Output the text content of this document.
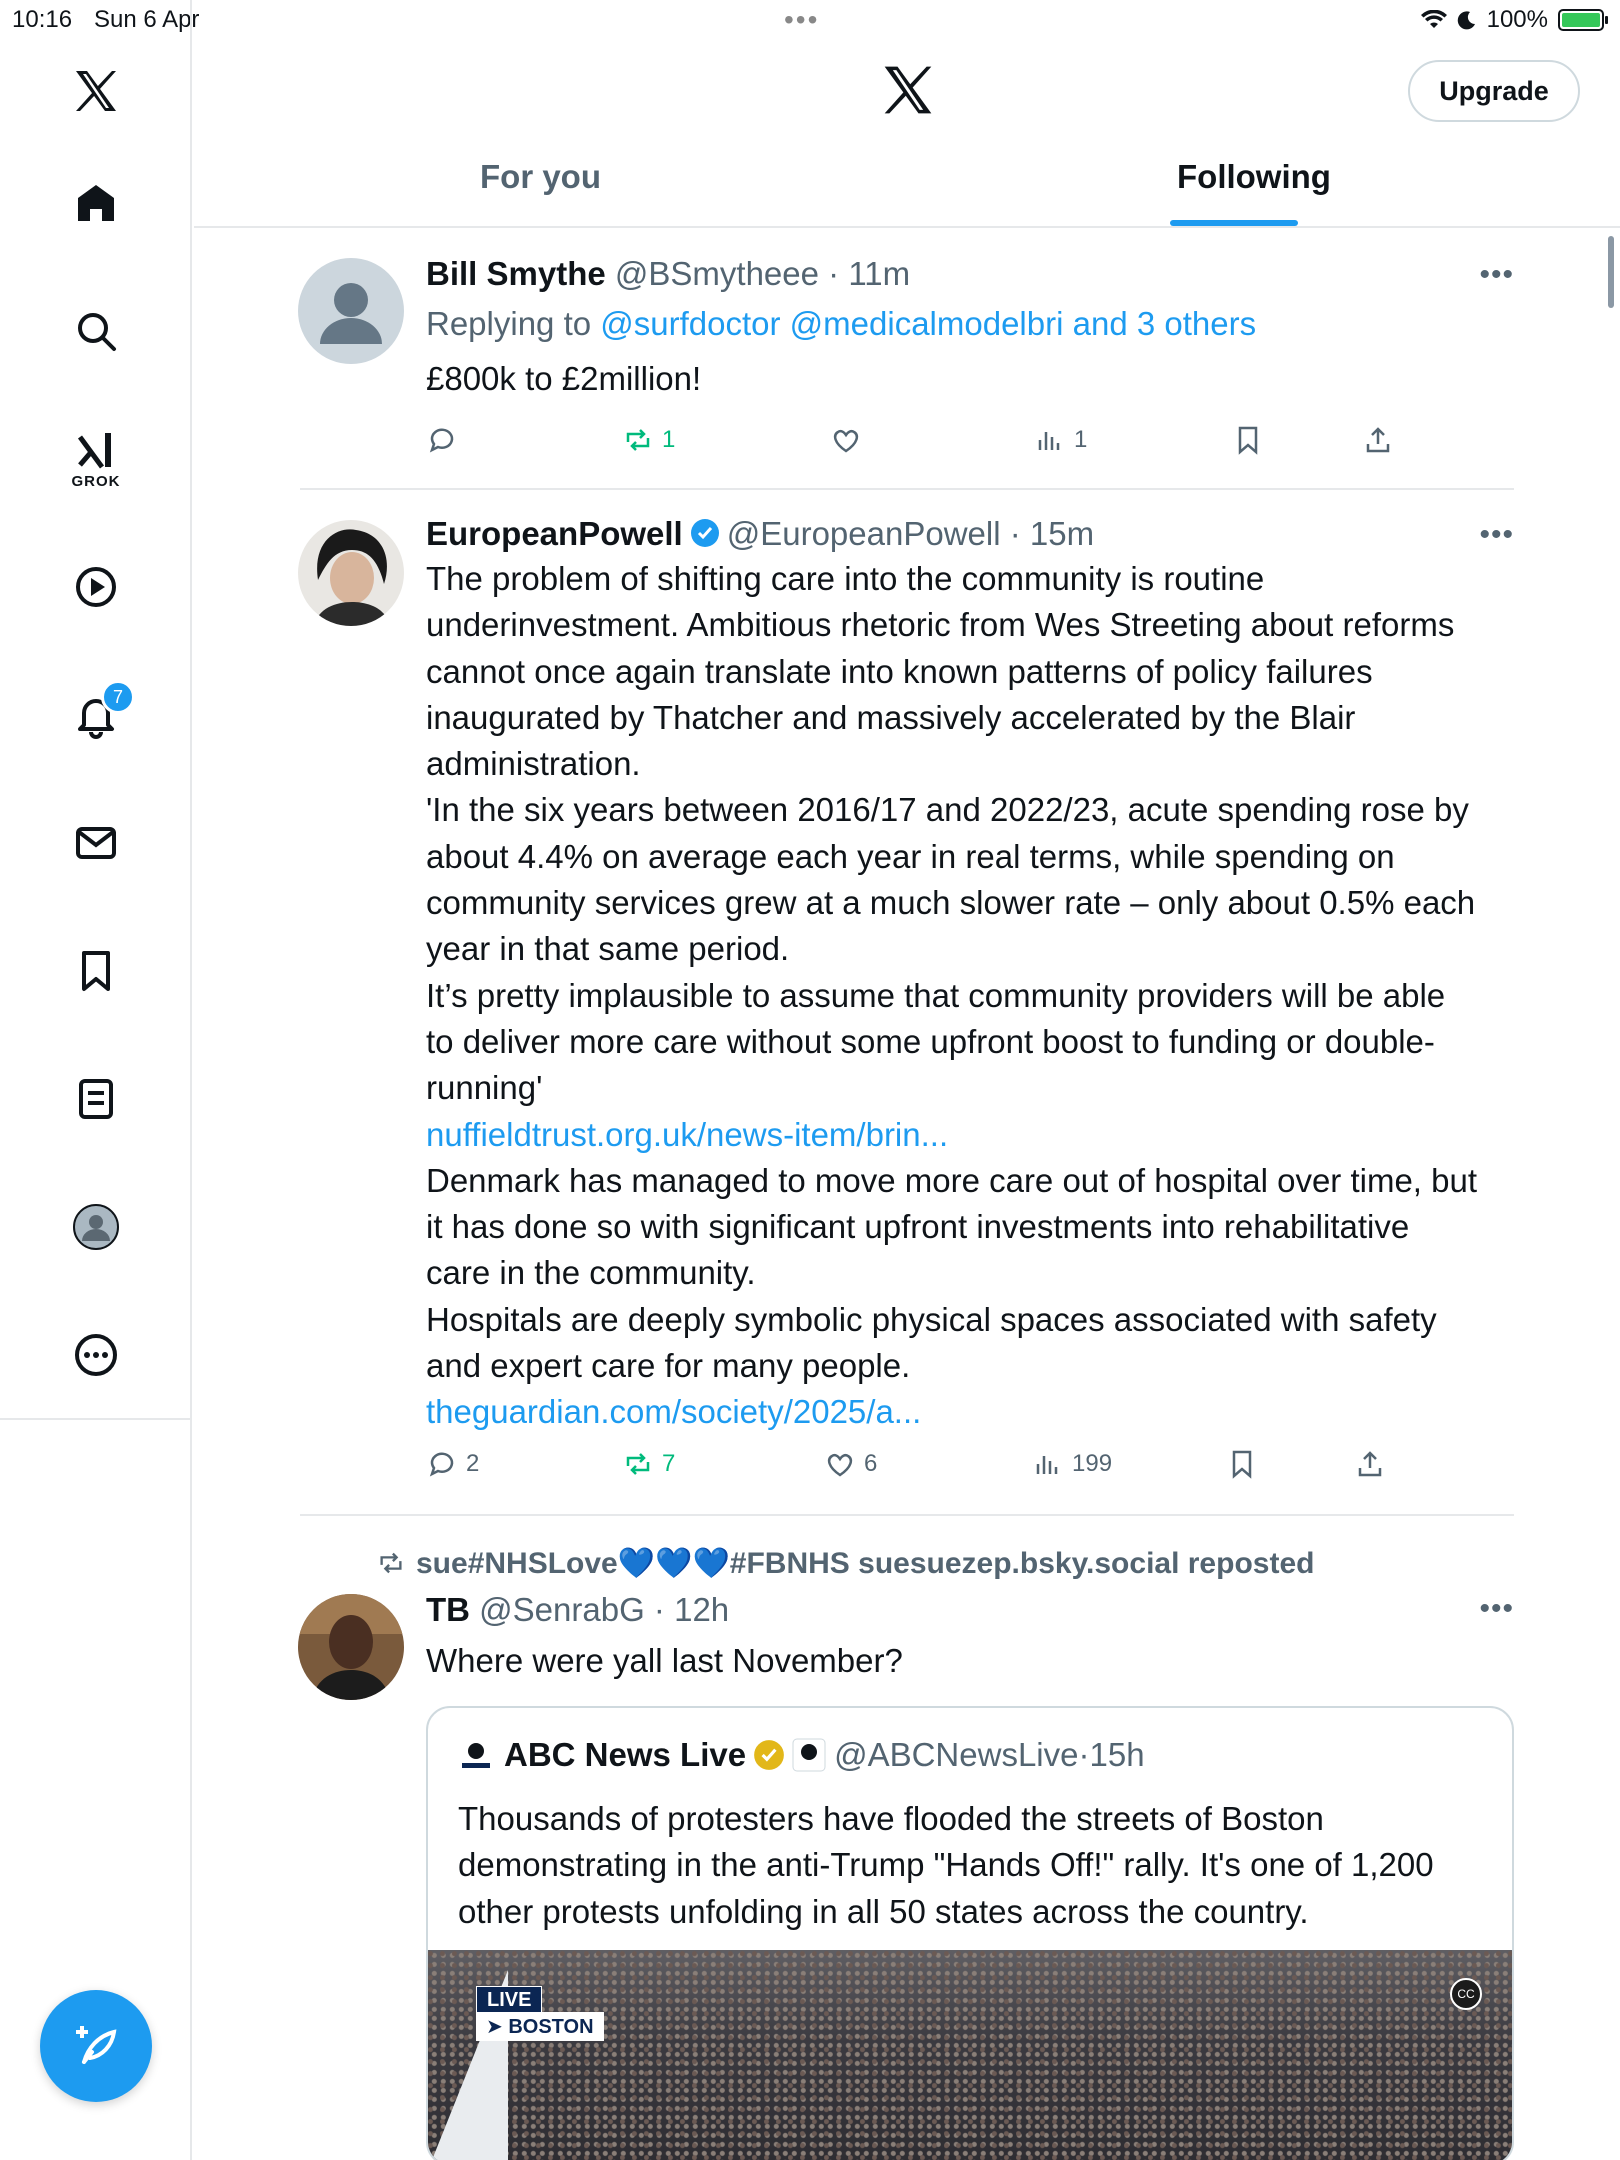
10:16 Sun 6 Apr	•••	100%
GROK
7
Upgrade
For you	Following
Bill Smythe @BSmytheee · 11m
Replying to @surfdoctor @medicalmodelbri and 3 others
£800k to £2million!
•••
1	1
EuropeanPowell @EuropeanPowell · 15m
The problem of shifting care into the community is routine
underinvestment. Ambitious rhetoric from Wes Streeting about reforms
cannot once again translate into known patterns of policy failures
inaugurated by Thatcher and massively accelerated by the Blair
administration.
'In the six years between 2016/17 and 2022/23, acute spending rose by
about 4.4% on average each year in real terms, while spending on
community services grew at a much slower rate – only about 0.5% each
year in that same period.
It’s pretty implausible to assume that community providers will be able
to deliver more care without some upfront boost to funding or double-
running'
nuffieldtrust.org.uk/news-item/brin...
Denmark has managed to move more care out of hospital over time, but
it has done so with significant upfront investments into rehabilitative
care in the community.
Hospitals are deeply symbolic physical spaces associated with safety
and expert care for many people.
theguardian.com/society/2025/a...
•••
2	7	6	199
sue#NHSLove💙💙💙#FBNHS suesuezep.bsky.social reposted
TB @SenrabG · 12h
Where were yall last November?
•••
ABC News Live	@ABCNewsLive · 15h
Thousands of protesters have flooded the streets of Boston
demonstrating in the anti-Trump "Hands Off!" rally. It's one of 1,200
other protests unfolding in all 50 states across the country.
LIVE
➤ BOSTON
CC
